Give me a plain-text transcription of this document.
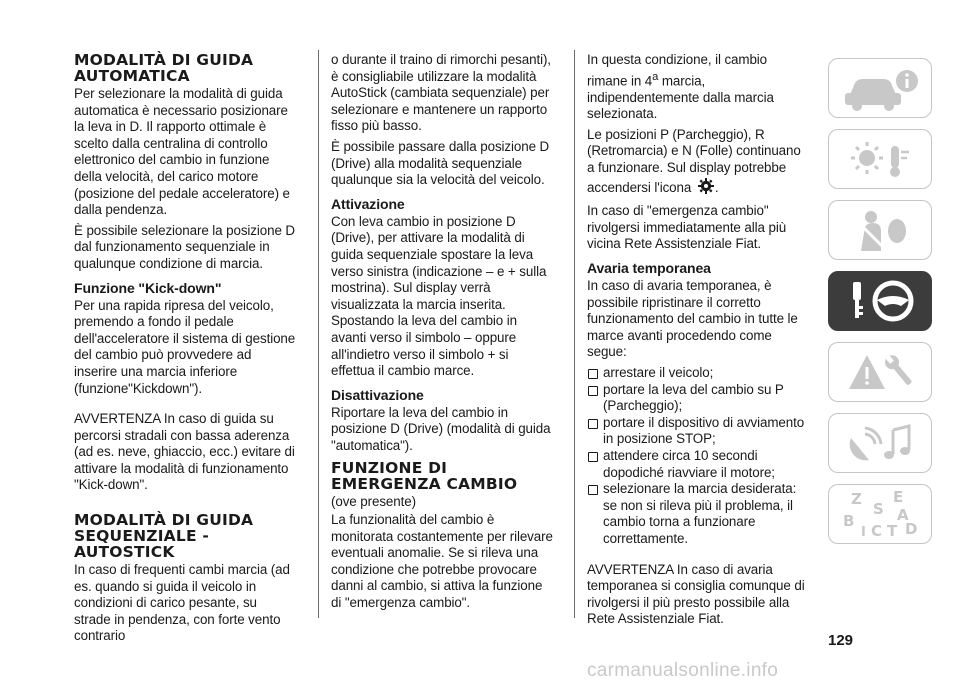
MODALITÀ DI GUIDA AUTOMATICA

Per selezionare la modalità di guida automatica è necessario posizionare la leva in D. Il rapporto ottimale è scelto dalla centralina di controllo elettronico del cambio in funzione della velocità, del carico motore (posizione del pedale acceleratore) e dalla pendenza.

È possibile selezionare la posizione D dal funzionamento sequenziale in qualunque condizione di marcia.

Funzione "Kick-down"

Per una rapida ripresa del veicolo, premendo a fondo il pedale dell'acceleratore il sistema di gestione del cambio può provvedere ad inserire una marcia inferiore (funzione"Kickdown").

AVVERTENZA In caso di guida su percorsi stradali con bassa aderenza (ad es. neve, ghiaccio, ecc.) evitare di attivare la modalità di funzionamento "Kick-down".

MODALITÀ DI GUIDA SEQUENZIALE - AUTOSTICK

In caso di frequenti cambi marcia (ad es. quando si guida il veicolo in condizioni di carico pesante, su strade in pendenza, con forte vento contrario

o durante il traino di rimorchi pesanti), è consigliabile utilizzare la modalità AutoStick (cambiata sequenziale) per selezionare e mantenere un rapporto fisso più basso.

È possibile passare dalla posizione D (Drive) alla modalità sequenziale qualunque sia la velocità del veicolo.

Attivazione

Con leva cambio in posizione D (Drive), per attivare la modalità di guida sequenziale spostare la leva verso sinistra (indicazione – e + sulla mostrina). Sul display verrà visualizzata la marcia inserita. Spostando la leva del cambio in avanti verso il simbolo – oppure all'indietro verso il simbolo + si effettua il cambio marce.

Disattivazione

Riportare la leva del cambio in posizione D (Drive) (modalità di guida "automatica").

FUNZIONE DI EMERGENZA CAMBIO

(ove presente)

La funzionalità del cambio è monitorata costantemente per rilevare eventuali anomalie. Se si rileva una condizione che potrebbe provocare danni al cambio, si attiva la funzione di "emergenza cambio".

In questa condizione, il cambio rimane in 4$^a$ marcia, indipendentemente dalla marcia selezionata.

Le posizioni P (Parcheggio), R (Retromarcia) e N (Folle) continuano a funzionare. Sul display potrebbe accendersi l'icona .

In caso di "emergenza cambio" rivolgersi immediatamente alla più vicina Rete Assistenziale Fiat.

Avaria temporanea

In caso di avaria temporanea, è possibile ripristinare il corretto funzionamento del cambio in tutte le marce avanti procedendo come segue:

arrestare il veicolo;
portare la leva del cambio su P (Parcheggio);
portare il dispositivo di avviamento in posizione STOP;
attendere circa 10 secondi dopodiché riavviare il motore;
selezionare la marcia desiderata: se non si rileva più il problema, il cambio torna a funzionare correttamente.

AVVERTENZA In caso di avaria temporanea si consiglia comunque di rivolgersi il più presto possibile alla Rete Assistenziale Fiat.

Z E
S A
B	D
I C T
129
carmanualsonline.info
